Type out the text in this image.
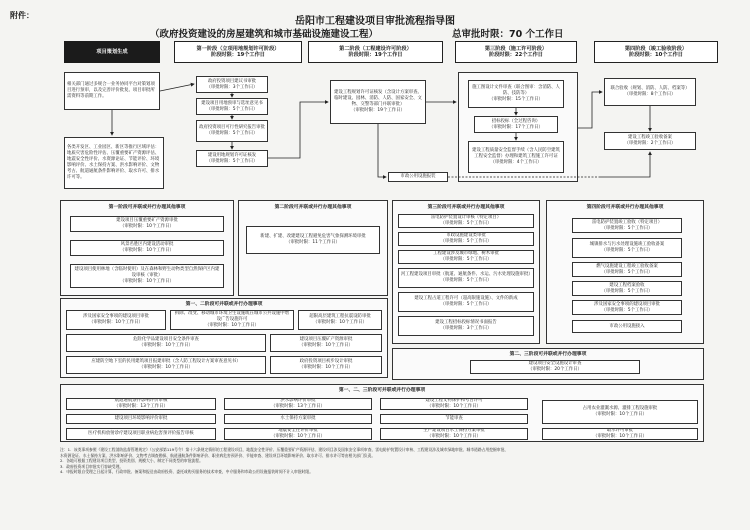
附件：
岳阳市工程建设项目审批流程指导图
（政府投资建设的房屋建筑和城市基础设施建设工程）	总审批时限：70 个工作日
项目策划生成
相关部门通过多规合一业务协同平台对策划项目进行预审，以及完善评价批复、项目审批所需资料等前期工作。
各类开发区、工业园区、新区等推行区域评估：地质灾害危险性评估、压覆重要矿产资源评估、地震安全性评价、水资源论证、节能评价、环境影响评价、水土保持方案、洪水影响评价、文物考古、航道通航条件影响评价、取水许可、排水许可等。
第一阶段（立项用地规划许可阶段）
阶段时限：19个工作日
第二阶段（工程建设许可阶段）
阶段时限：19个工作日
第三阶段（施工许可阶段）
阶段时限：22个工作日
第四阶段（竣工验收阶段）
阶段时限：10个工作日
政府投资项目建议书审批
（审批时限：3个工作日）
建设项目用地预审与选址意见书
（审批时限：5个工作日）
政府投资项目可行性研究报告审批
（审批时限：5个工作日）
建设用地规划许可证核发
（审批时限：5个工作日）
建设工程规划许可证核发（含设计方案审查、临时建设、园林、消防、人防、国家安全、文物、交警等部门并联审批）
（审批时限：19个工作日）
市政公用设施报装
施工图设计文件审查（联合图审：含消防、人防、技防等）
（审批时限：15个工作日）
招标投标（全过程咨询）
（审批时限：17个工作日）
建设工程质量安全监督手续（含人民防空建筑工程安全监督）办理和建筑工程施工许可证
（审批时限：4个工作日）
联合验收（规划、消防、人防、档案等）
（审批时限：8个工作日）
建设工程竣工验收备案
（审批时限：2个工作日）
第一阶段可并联或并行办理其他事项
建设项目压覆重要矿产资源审批
（审批时限：10个工作日）
风景名胜区内建设活动审批
（审批时限：10个工作日）
建设项目使用林地（含临时使用）及在森林和野生动物类型自然保护区内建设审核（审批）
（审批时限：10个工作日）
第二阶段可并联或并行办理其他事项
新建、扩建、改建建设工程避免危害气象探测环境审批
（审批时限：11个工作日）
第三阶段可并联或并行办理其他事项
雷电防护装置设计审核（特定项目）
（审批时限：5个工作日）
市政设施建设类审批
（审批时限：5个工作日）
工程建设涉及城市绿地、树木审批
（审批时限：5个工作日）
河工程建设项目审批（航道、通航条件、水运、污水处理设施审批）
（审批时限：5个工作日）
建设工程占道工程许可（超高限施设施）、文件的新成
（审批时限：5个工作日）
建设工程招标投标情况书面报告
（审批时限：3个工作日）
第四阶段可并联或并行办理其他事项
雷电防护装置竣工验收（特定项目）
（审批时限：5个工作日）
城镇排水与污水处理设施竣工验收备案
（审批时限：5个工作日）
燃气设施建设工程竣工验收备案
（审批时限：5个工作日）
建设工程档案验收
（审批时限：5个工作日）
涉及国家安全事项的建设项目审批
（审批时限：5个工作日）
市政公用设施接入
第一、二阶段可并联或并行办理事项
涉及国家安全事项的建设项目审批
（审批时限：10个工作日）
拆除、改变、移动城市环境卫生设施或在城市公共设施中增设广告设施许可
（审批时限：10个工作日）
超限高层建筑工程抗震设防审批
（审批时限：10个工作日）
危险化学品建设项目安全条件审查
（审批时限：10个工作日）
建设项目压覆矿产资源审批
（审批时限：10个工作日）
应建防空地下室的民用建筑项目报建审批（含人防工程设计方案审查意见书）
（审批时限：10个工作日）
政府投资项目初步设计审批
（审批时限：10个工作日）
第二、三阶段可并联或并行办理事项
建设项目安全设施设计审查
（审批时限：20个工作日）
第一、二、三阶段可并联或并行办理事项
航道通航条件影响评价审核
（审批时限：13个工作日）
洪水影响评价审批
（审批时限：13个工作日）
建设工程文物保护和考古许可
（审批时限：10个工作日）	占用农业灌溉水源、灌排工程设施审批
（审批时限：10个工作日）
建设项目环境影响评价审批	水土保持方案审批	节能审查
医疗机构放射诊疗建设项目职业病危害预评价报告审核
地震安全性评价审批
（审批时限：10个工作日）
生产建设项目水土保持方案审批
（审批时限：10个工作日）
取水许可审批
（审批时限：10个工作日）
注：1．该类事项参照《建设工程消防监督管理规定》（公安部第119号令）第十六条规定情形的工程建设项目，地震安全性评价、压覆重要矿产资源评估、建设项目涉及国家安全事项审查、雷电防护装置设计审核、工程建设涉及城市绿地审批、城市道路占用挖掘审批、
水资源论证、水土保持方案、洪水影响评价、文物考古调查勘探、航道通航条件影响评价、职业病危害预评价、节能审查、建设项目环境影响评价、取水许可、排水许可等由相关部门负责。
2．各地可根据工程建设项目类型，投资类别、规模大小，制定不同类型的审批流程。
3．政府投资项目审批实行容缺受理。
4．申报时限自受理之日起计算，行政审批、备案和报送由政府投资、委托或购买服务的技术审查，中介服务和市政公用设施报装时间不计入审批时限。
